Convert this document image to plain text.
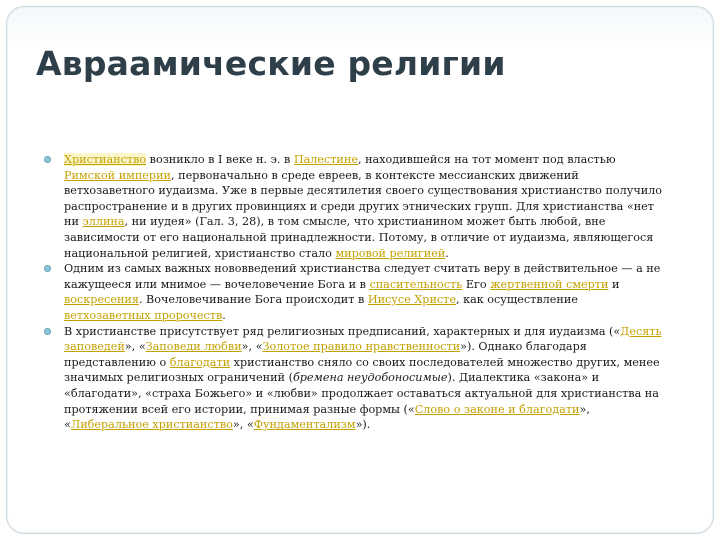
Авраамические религии
Христианство возникло в I веке н. э. в Палестине, находившейся на тот момент под властью Римской империи, первоначально в среде евреев, в контексте мессианских движений ветхозаветного иудаизма. Уже в первые десятилетия своего существования христианство получило распространение и в других провинциях и среди других этнических групп. Для христианства «нет ни эллина, ни иудея» (Гал. 3, 28), в том смысле, что христианином может быть любой, вне зависимости от его национальной принадлежности. Потому, в отличие от иудаизма, являющегося национальной религией, христианство стало мировой религией.
Одним из самых важных нововведений христианства следует считать веру в действительное — а не кажущееся или мнимое — вочеловечение Бога и в спасительность Его жертвенной смерти и воскресения. Вочеловечивание Бога происходит в Иисусе Христе, как осуществление ветхозаветных пророчеств.
В христианстве присутствует ряд религиозных предписаний, характерных и для иудаизма («Десять заповедей», «Заповеди любви», «Золотое правило нравственности»). Однако благодаря представлению о благодати христианство сняло со своих последователей множество других, менее значимых религиозных ограничений (бремена неудобоносимые). Диалектика «закона» и «благодати», «страха Божьего» и «любви» продолжает оставаться актуальной для христианства на протяжении всей его истории, принимая разные формы («Слово о законе и благодати», «Либеральное христианство», «Фундаментализм»).
